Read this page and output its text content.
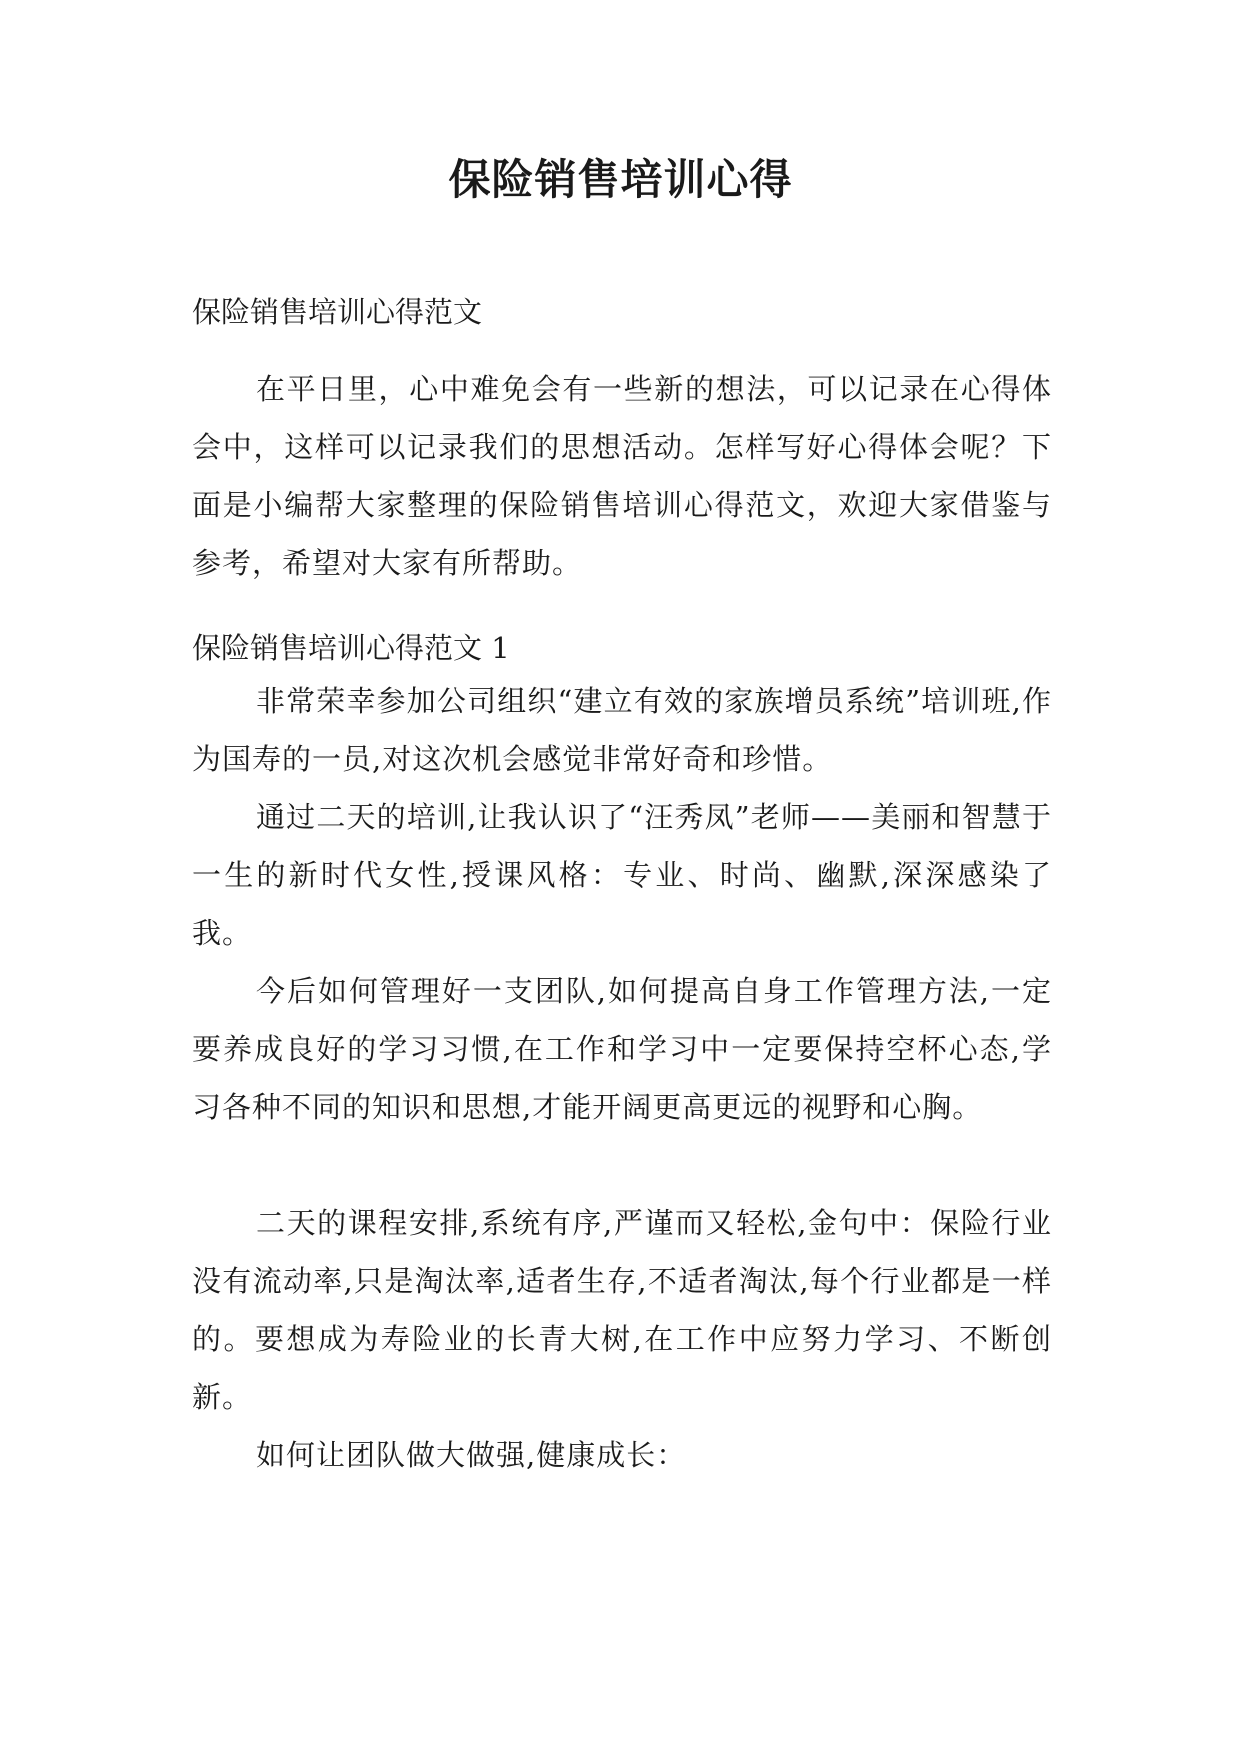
保险销售培训心得

保险销售培训心得范文

在平日里，心中难免会有一些新的想法，可以记录在心得体会中，这样可以记录我们的思想活动。怎样写好心得体会呢？下面是小编帮大家整理的保险销售培训心得范文，欢迎大家借鉴与参考，希望对大家有所帮助。

保险销售培训心得范文 1

非常荣幸参加公司组织“建立有效的家族增员系统”培训班,作为国寿的一员,对这次机会感觉非常好奇和珍惜。

通过二天的培训,让我认识了“汪秀凤”老师——美丽和智慧于一生的新时代女性,授课风格：专业、时尚、幽默,深深感染了我。

今后如何管理好一支团队,如何提高自身工作管理方法,一定要养成良好的学习习惯,在工作和学习中一定要保持空杯心态,学习各种不同的知识和思想,才能开阔更高更远的视野和心胸。

二天的课程安排,系统有序,严谨而又轻松,金句中：保险行业没有流动率,只是淘汰率,适者生存,不适者淘汰,每个行业都是一样的。要想成为寿险业的长青大树,在工作中应努力学习、不断创新。

如何让团队做大做强,健康成长：
